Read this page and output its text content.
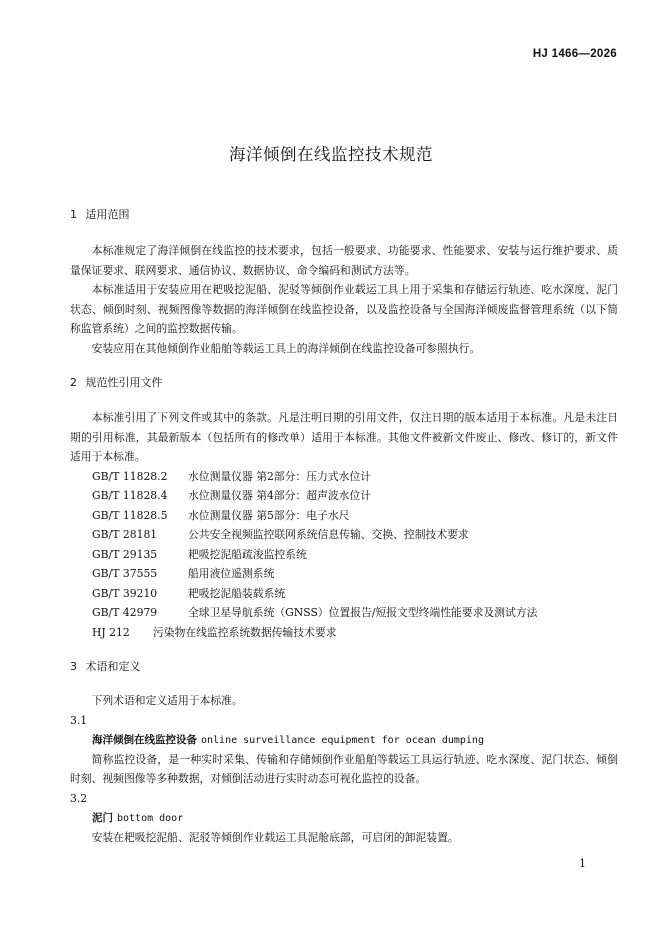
HJ 1466—2026
海洋倾倒在线监控技术规范

1 适用范围

本标准规定了海洋倾倒在线监控的技术要求，包括一般要求、功能要求、性能要求、安装与运行维护要求、质量保证要求、联网要求、通信协议、数据协议、命令编码和测试方法等。

本标准适用于安装应用在耙吸挖泥船、泥驳等倾倒作业载运工具上用于采集和存储运行轨迹、吃水深度、泥门状态、倾倒时刻、视频图像等数据的海洋倾倒在线监控设备，以及监控设备与全国海洋倾废监督管理系统（以下简称监管系统）之间的监控数据传输。

安装应用在其他倾倒作业船舶等载运工具上的海洋倾倒在线监控设备可参照执行。

2 规范性引用文件

本标准引用了下列文件或其中的条款。凡是注明日期的引用文件，仅注日期的版本适用于本标准。凡是未注日期的引用标准，其最新版本（包括所有的修改单）适用于本标准。其他文件被新文件废止、修改、修订的，新文件适用于本标准。

GB/T 11828.2	水位测量仪器 第2部分：压力式水位计
GB/T 11828.4	水位测量仪器 第4部分：超声波水位计
GB/T 11828.5	水位测量仪器 第5部分：电子水尺
GB/T 28181	公共安全视频监控联网系统信息传输、交换、控制技术要求
GB/T 29135	耙吸挖泥船疏浚监控系统
GB/T 37555	船用液位遥测系统
GB/T 39210	耙吸挖泥船装载系统
GB/T 42979	全球卫星导航系统（GNSS）位置报告/短报文型终端性能要求及测试方法
HJ 212	污染物在线监控系统数据传输技术要求

3 术语和定义

下列术语和定义适用于本标准。

3.1

海洋倾倒在线监控设备 online surveillance equipment for ocean dumping

简称监控设备，是一种实时采集、传输和存储倾倒作业船舶等载运工具运行轨迹、吃水深度、泥门状态、倾倒时刻、视频图像等多种数据，对倾倒活动进行实时动态可视化监控的设备。

3.2

泥门 bottom door

安装在耙吸挖泥船、泥驳等倾倒作业载运工具泥舱底部，可启闭的卸泥装置。

1
